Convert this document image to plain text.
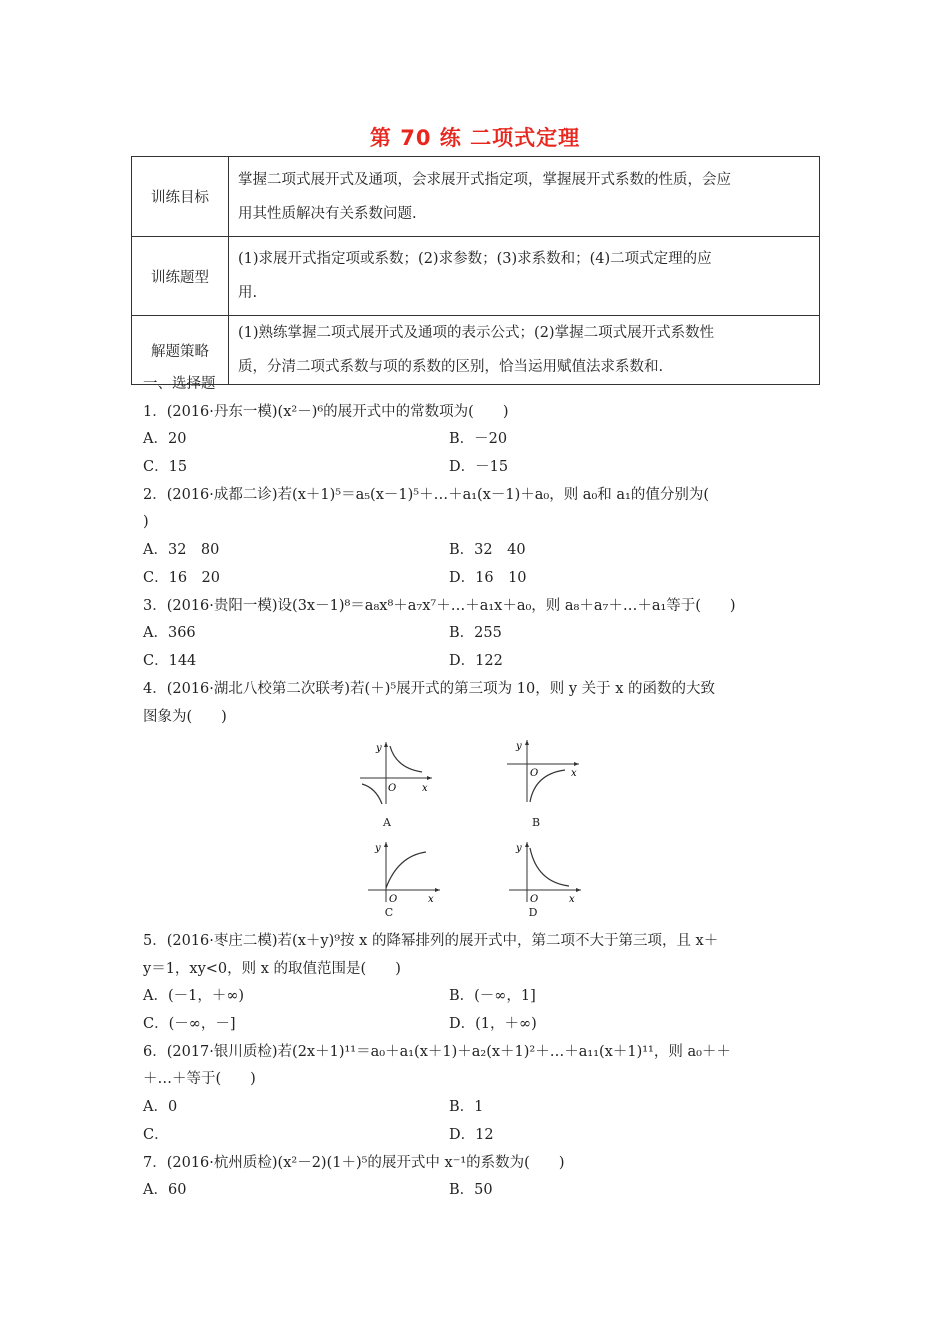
第 70 练 二项式定理
训练目标	掌握二项式展开式及通项，会求展开式指定项，掌握展开式系数的性质，会应
用其性质解决有关系数问题.

训练题型	(1)求展开式指定项或系数；(2)求参数；(3)求系数和；(4)二项式定理的应
用.

解题策略	(1)熟练掌握二项式展开式及通项的表示公式；(2)掌握二项式展开式系数性
质，分清二项式系数与项的系数的区别，恰当运用赋值法求系数和.
一、选择题
1．(2016·丹东一模)(x²－)⁶的展开式中的常数项为(　　)
A．20	B．－20
C．15	D．－15
2．(2016·成都二诊)若(x＋1)⁵＝a₅(x－1)⁵＋…＋a₁(x－1)＋a₀，则 a₀和 a₁的值分别为(
)
A．32　80	B．32　40
C．16　20	D．16　10
3．(2016·贵阳一模)设(3x－1)⁸＝a₈x⁸＋a₇x⁷＋…＋a₁x＋a₀，则 a₈＋a₇＋…＋a₁等于(　　)
A．366	B．255
C．144	D．122
4．(2016·湖北八校第二次联考)若(＋)⁵展开式的第三项为 10，则 y 关于 x 的函数的大致
图象为(　　)
y
x
O
A
y
x
O
B
y
x
O
C
y
x
O
D
5．(2016·枣庄二模)若(x＋y)⁹按 x 的降幂排列的展开式中，第二项不大于第三项，且 x＋
y＝1，xy<0，则 x 的取值范围是(　　)
A．(－1，＋∞)	B．(－∞，1]
C．(－∞，－]	D．(1，＋∞)
6．(2017·银川质检)若(2x＋1)¹¹＝a₀＋a₁(x＋1)＋a₂(x＋1)²＋…＋a₁₁(x＋1)¹¹，则 a₀＋＋
＋…＋等于(　　)
A．0	B．1
C．	D．12
7．(2016·杭州质检)(x²－2)(1＋)⁵的展开式中 x⁻¹的系数为(　　)
A．60	B．50
